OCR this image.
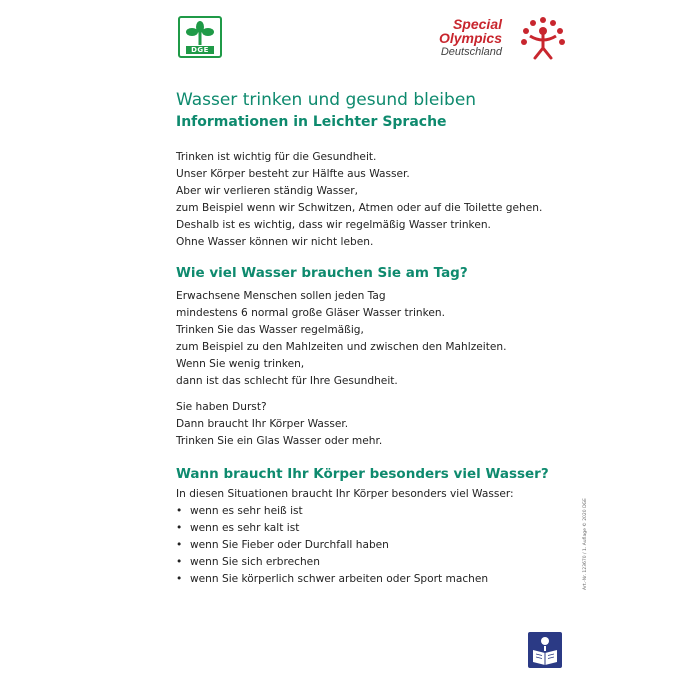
DGE
Special
Olympics
Deutschland
Wasser trinken und gesund bleiben
Informationen in Leichter Sprache
Trinken ist wichtig für die Gesundheit.
Unser Körper besteht zur Hälfte aus Wasser.
Aber wir verlieren ständig Wasser,
zum Beispiel wenn wir Schwitzen, Atmen oder auf die Toilette gehen.
Deshalb ist es wichtig, dass wir regelmäßig Wasser trinken.
Ohne Wasser können wir nicht leben.
Wie viel Wasser brauchen Sie am Tag?
Erwachsene Menschen sollen jeden Tag
mindestens 6 normal große Gläser Wasser trinken.
Trinken Sie das Wasser regelmäßig,
zum Beispiel zu den Mahlzeiten und zwischen den Mahlzeiten.
Wenn Sie wenig trinken,
dann ist das schlecht für Ihre Gesundheit.
Sie haben Durst?
Dann braucht Ihr Körper Wasser.
Trinken Sie ein Glas Wasser oder mehr.
Wann braucht Ihr Körper besonders viel Wasser?
In diesen Situationen braucht Ihr Körper besonders viel Wasser:
• wenn es sehr heiß ist
• wenn es sehr kalt ist
• wenn Sie Fieber oder Durchfall haben
• wenn Sie sich erbrechen
• wenn Sie körperlich schwer arbeiten oder Sport machen	Art.-Nr. 123670 / 1. Auflage © 2020 DGE
